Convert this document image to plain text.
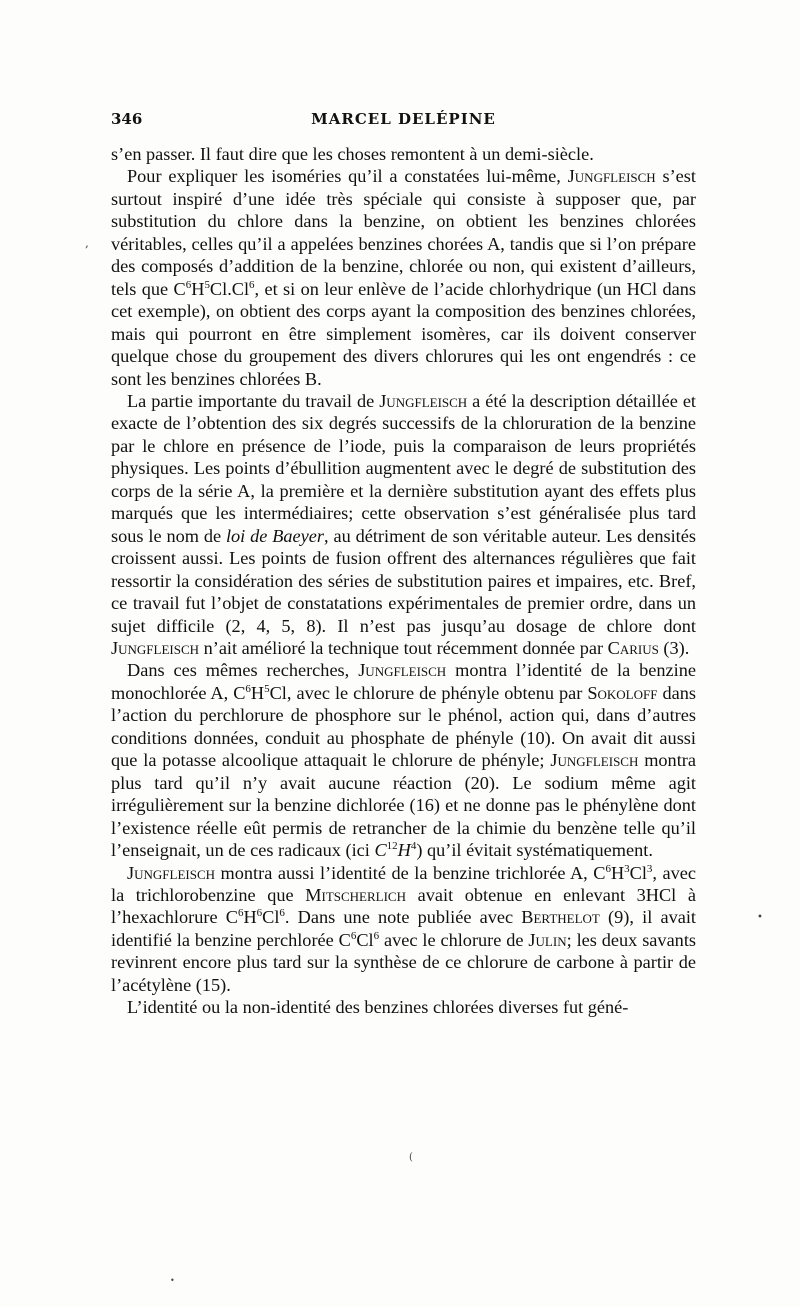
346	MARCEL DELÉPINE

s’en passer. Il faut dire que les choses remontent à un demi-siècle.

Pour expliquer les isoméries qu’il a constatées lui-même, Jungfleisch s’est surtout inspiré d’une idée très spéciale qui consiste à supposer que, par substitution du chlore dans la benzine, on obtient les benzines chlorées véritables, celles qu’il a appelées benzines chorées A, tandis que si l’on prépare des composés d’addition de la benzine, chlorée ou non, qui existent d’ailleurs, tels que $C^6H^5Cl.Cl^6$, et si on leur enlève de l’acide chlorhydrique (un HCl dans cet exemple), on obtient des corps ayant la composition des benzines chlorées, mais qui pourront en être simplement isomères, car ils doivent conserver quelque chose du groupement des divers chlorures qui les ont engendrés : ce sont les benzines chlorées B.

La partie importante du travail de Jungfleisch a été la description détaillée et exacte de l’obtention des six degrés successifs de la chloruration de la benzine par le chlore en présence de l’iode, puis la comparaison de leurs propriétés physiques. Les points d’ébullition augmentent avec le degré de substitution des corps de la série A, la première et la dernière substitution ayant des effets plus marqués que les intermédiaires; cette observation s’est généralisée plus tard sous le nom de loi de Baeyer, au détriment de son véritable auteur. Les densités croissent aussi. Les points de fusion offrent des alternances régulières que fait ressortir la considération des séries de substitution paires et impaires, etc. Bref, ce travail fut l’objet de constatations expérimentales de premier ordre, dans un sujet difficile (2, 4, 5, 8). Il n’est pas jusqu’au dosage de chlore dont Jungfleisch n’ait amélioré la technique tout récemment donnée par Carius (3).

Dans ces mêmes recherches, Jungfleisch montra l’identité de la benzine monochlorée A, $C^6H^5Cl$, avec le chlorure de phényle obtenu par Sokoloff dans l’action du perchlorure de phosphore sur le phénol, action qui, dans d’autres conditions données, conduit au phosphate de phényle (10). On avait dit aussi que la potasse alcoolique attaquait le chlorure de phényle; Jungfleisch montra plus tard qu’il n’y avait aucune réaction (20). Le sodium même agit irrégulièrement sur la benzine dichlorée (16) et ne donne pas le phénylène dont l’existence réelle eût permis de retrancher de la chimie du benzène telle qu’il l’enseignait, un de ces radicaux (ici $C^{12}H^4$) qu’il évitait systématiquement.

Jungfleisch montra aussi l’identité de la benzine trichlorée A, $C^6H^3Cl^3$, avec la trichlorobenzine que Mitscherlich avait obtenue en enlevant 3HCl à l’hexachlorure $C^6H^6Cl^6$. Dans une note publiée avec Berthelot (9), il avait identifié la benzine perchlorée $C^6Cl^6$ avec le chlorure de Julin; les deux savants revinrent encore plus tard sur la synthèse de ce chlorure de carbone à partir de l’acétylène (15).

L’identité ou la non-identité des benzines chlorées diverses fut géné-

,
•
(
•
